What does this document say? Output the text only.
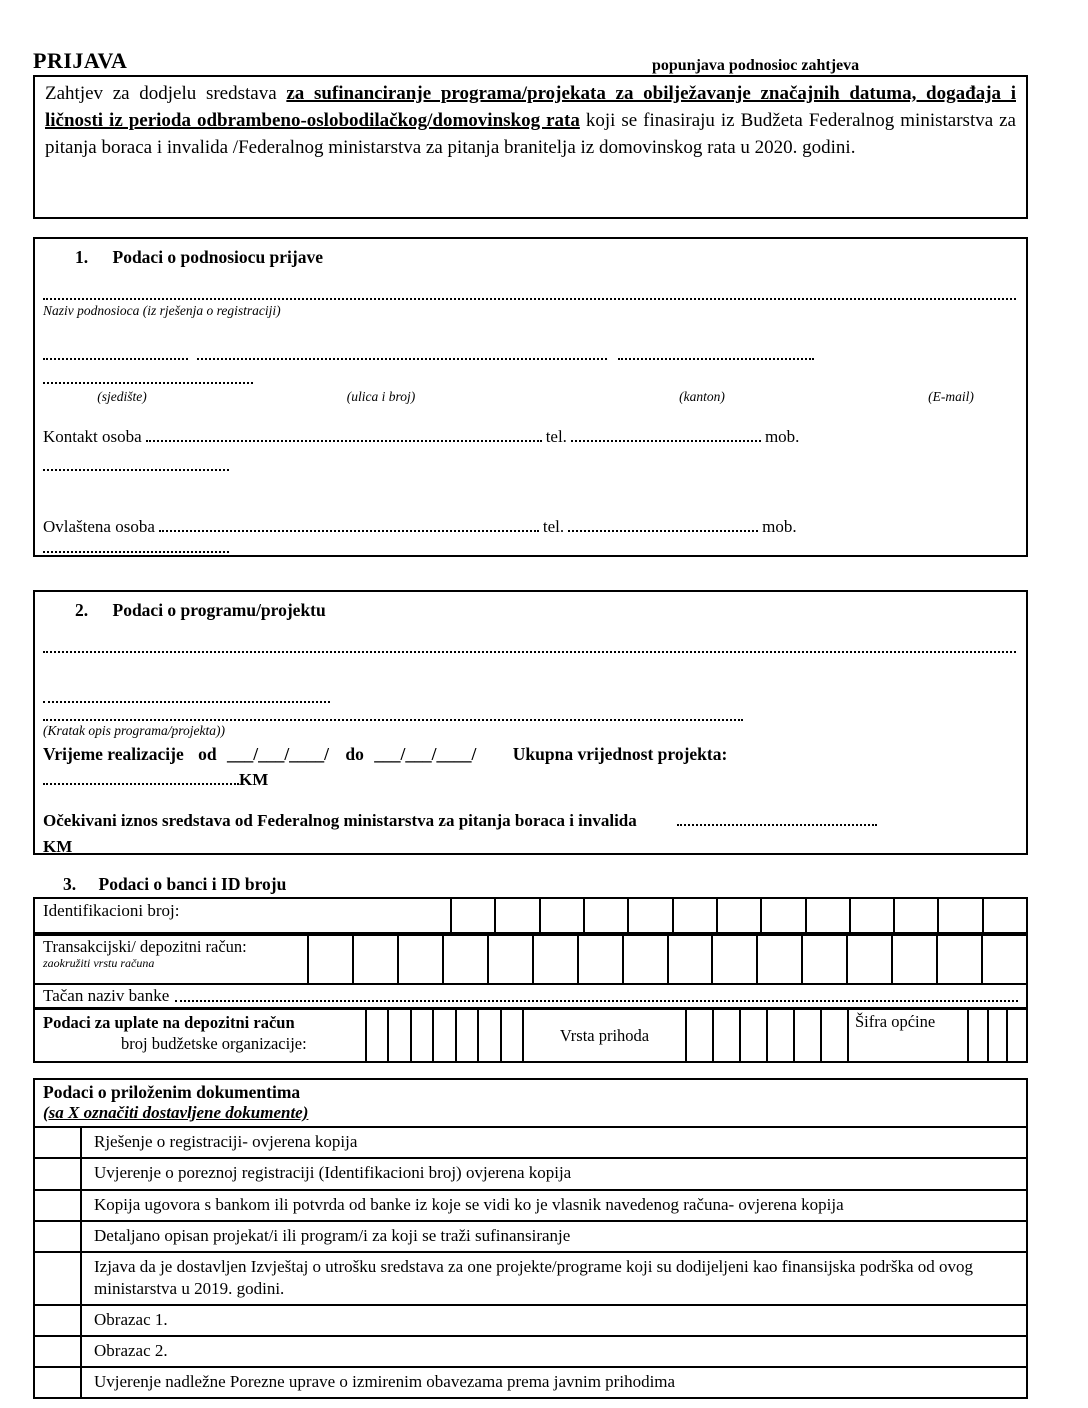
PRIJAVA	popunjava podnosioc zahtjeva
Zahtjev za dodjelu sredstava za sufinanciranje programa/projekata za obilježavanje značajnih datuma, događaja i ličnosti iz perioda odbrambeno-oslobodilačkog/domovinskog rata koji se finasiraju iz Budžeta Federalnog ministarstva za pitanja boraca i invalida /Federalnog ministarstva za pitanja branitelja iz domovinskog rata u 2020. godini.
1. Podaci o podnosiocu prijave
Naziv podnosioca (iz rješenja o registraciji)
(sjedište)	(ulica i broj)	(kanton)	(E-mail)
Kontakt osoba	tel.	mob.
Ovlaštena osoba	tel.	mob.
2. Podaci o programu/projektu
(Kratak opis programa/projekta))
Vrijeme realizacije od ___/___/____/ do ___/___/____/ Ukupna vrijednost projekta:
KM
Očekivani iznos sredstava od Federalnog ministarstva za pitanja boraca i invalida
KM
3. Podaci o banci i ID broju
Identifikacioni broj:
Transakcijski/ depozitni račun:
zaokružiti vrstu računa
Tačan naziv banke
Podaci za uplate na depozitni račun
broj budžetske organizacije:	Vrsta prihoda
Šifra općine
Podaci o priloženim dokumentima
(sa X označiti dostavljene dokumente)
Rješenje o registraciji- ovjerena kopija
Uvjerenje o poreznoj registraciji (Identifikacioni broj) ovjerena kopija
Kopija ugovora s bankom ili potvrda od banke iz koje se vidi ko je vlasnik navedenog računa- ovjerena kopija
Detaljano opisan projekat/i ili program/i za koji se traži sufinansiranje
Izjava da je dostavljen Izvještaj o utrošku sredstava za one projekte/programe koji su dodijeljeni kao finansijska podrška od ovog ministarstva u 2019. godini.
Obrazac 1.
Obrazac 2.
Uvjerenje nadležne Porezne uprave o izmirenim obavezama prema javnim prihodima
